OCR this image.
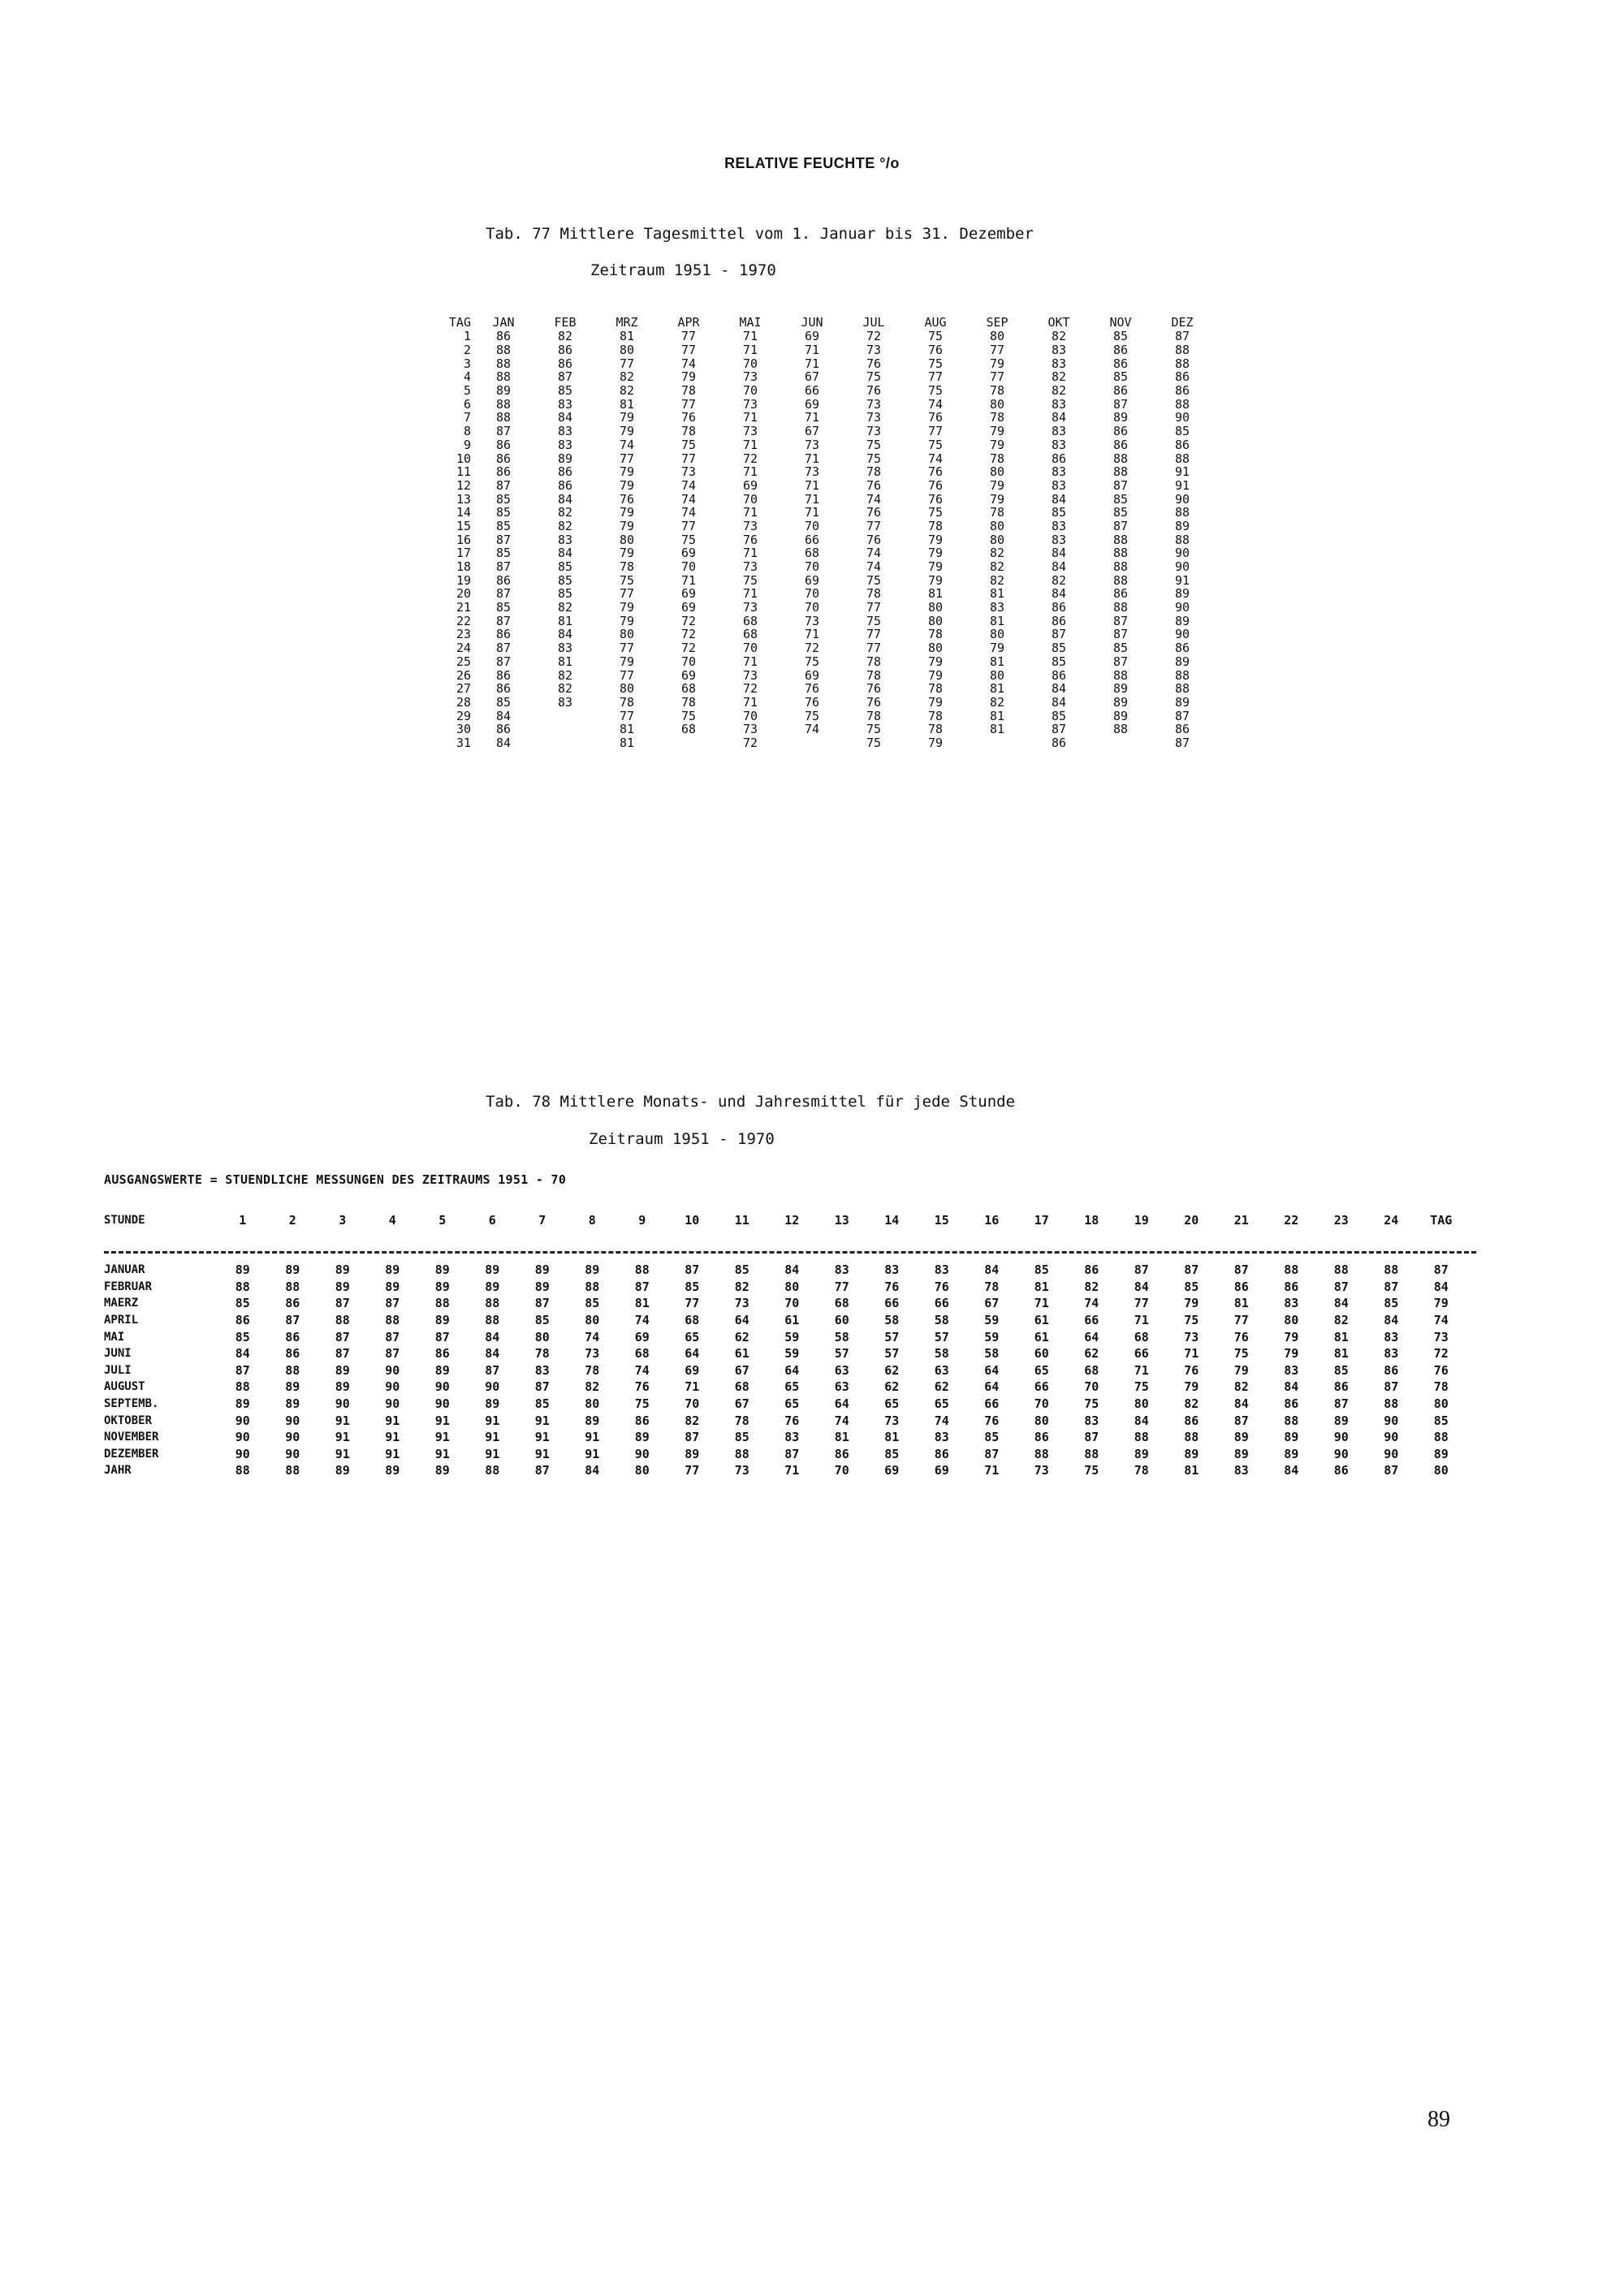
RELATIVE FEUCHTE °/o
Tab. 77 Mittlere Tagesmittel vom 1. Januar bis 31. Dezember
Zeitraum 1951 - 1970
TAG	JAN	FEB	MRZ	APR	MAI	JUN	JUL	AUG	SEP	OKT	NOV	DEZ
1	86	82	81	77	71	69	72	75	80	82	85	87
2	88	86	80	77	71	71	73	76	77	83	86	88
3	88	86	77	74	70	71	76	75	79	83	86	88
4	88	87	82	79	73	67	75	77	77	82	85	86
5	89	85	82	78	70	66	76	75	78	82	86	86
6	88	83	81	77	73	69	73	74	80	83	87	88
7	88	84	79	76	71	71	73	76	78	84	89	90
8	87	83	79	78	73	67	73	77	79	83	86	85
9	86	83	74	75	71	73	75	75	79	83	86	86
10	86	89	77	77	72	71	75	74	78	86	88	88
11	86	86	79	73	71	73	78	76	80	83	88	91
12	87	86	79	74	69	71	76	76	79	83	87	91
13	85	84	76	74	70	71	74	76	79	84	85	90
14	85	82	79	74	71	71	76	75	78	85	85	88
15	85	82	79	77	73	70	77	78	80	83	87	89
16	87	83	80	75	76	66	76	79	80	83	88	88
17	85	84	79	69	71	68	74	79	82	84	88	90
18	87	85	78	70	73	70	74	79	82	84	88	90
19	86	85	75	71	75	69	75	79	82	82	88	91
20	87	85	77	69	71	70	78	81	81	84	86	89
21	85	82	79	69	73	70	77	80	83	86	88	90
22	87	81	79	72	68	73	75	80	81	86	87	89
23	86	84	80	72	68	71	77	78	80	87	87	90
24	87	83	77	72	70	72	77	80	79	85	85	86
25	87	81	79	70	71	75	78	79	81	85	87	89
26	86	82	77	69	73	69	78	79	80	86	88	88
27	86	82	80	68	72	76	76	78	81	84	89	88
28	85	83	78	78	71	76	76	79	82	84	89	89
29	84		77	75	70	75	78	78	81	85	89	87
30	86		81	68	73	74	75	78	81	87	88	86
31	84		81		72		75	79		86		87
Tab. 78 Mittlere Monats- und Jahresmittel für jede Stunde
Zeitraum 1951 - 1970
AUSGANGSWERTE = STUENDLICHE MESSUNGEN DES ZEITRAUMS 1951 - 70
STUNDE	1	2	3	4	5	6	7	8	9	10	11	12	13	14	15	16	17	18	19	20	21	22	23	24	TAG

JANUAR	89	89	89	89	89	89	89	89	88	87	85	84	83	83	83	84	85	86	87	87	87	88	88	88	87
FEBRUAR	88	88	89	89	89	89	89	88	87	85	82	80	77	76	76	78	81	82	84	85	86	86	87	87	84
MAERZ	85	86	87	87	88	88	87	85	81	77	73	70	68	66	66	67	71	74	77	79	81	83	84	85	79
APRIL	86	87	88	88	89	88	85	80	74	68	64	61	60	58	58	59	61	66	71	75	77	80	82	84	74
MAI	85	86	87	87	87	84	80	74	69	65	62	59	58	57	57	59	61	64	68	73	76	79	81	83	73
JUNI	84	86	87	87	86	84	78	73	68	64	61	59	57	57	58	58	60	62	66	71	75	79	81	83	72
JULI	87	88	89	90	89	87	83	78	74	69	67	64	63	62	63	64	65	68	71	76	79	83	85	86	76
AUGUST	88	89	89	90	90	90	87	82	76	71	68	65	63	62	62	64	66	70	75	79	82	84	86	87	78
SEPTEMB.	89	89	90	90	90	89	85	80	75	70	67	65	64	65	65	66	70	75	80	82	84	86	87	88	80
OKTOBER	90	90	91	91	91	91	91	89	86	82	78	76	74	73	74	76	80	83	84	86	87	88	89	90	85
NOVEMBER	90	90	91	91	91	91	91	91	89	87	85	83	81	81	83	85	86	87	88	88	89	89	90	90	88
DEZEMBER	90	90	91	91	91	91	91	91	90	89	88	87	86	85	86	87	88	88	89	89	89	89	90	90	89
JAHR	88	88	89	89	89	88	87	84	80	77	73	71	70	69	69	71	73	75	78	81	83	84	86	87	80
89
